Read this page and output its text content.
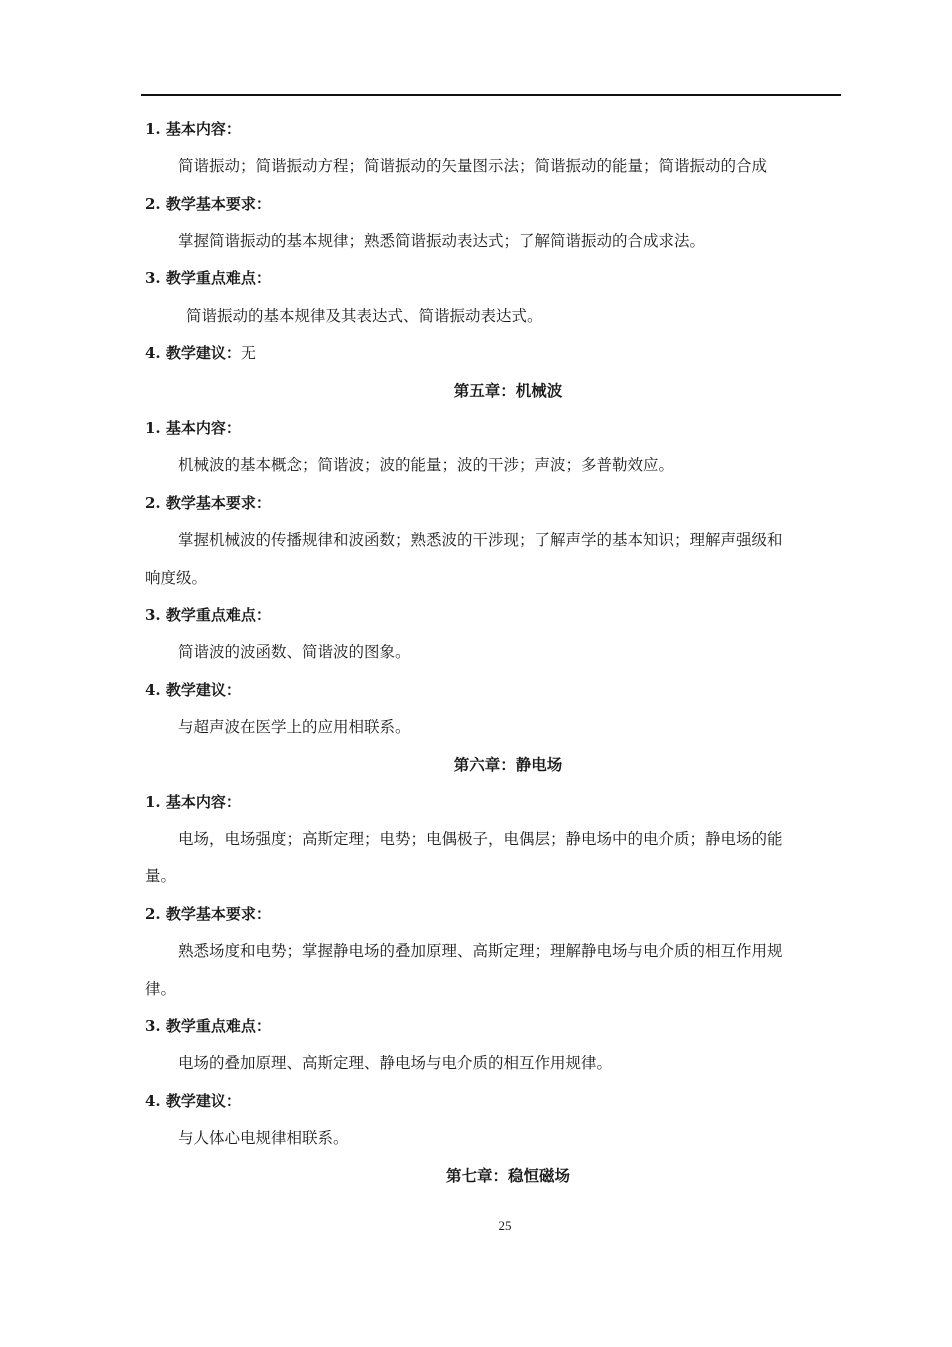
1. 基本内容：
简谐振动；简谐振动方程；简谐振动的矢量图示法；简谐振动的能量；简谐振动的合成
2. 教学基本要求：
掌握简谐振动的基本规律；熟悉简谐振动表达式；了解简谐振动的合成求法。
3. 教学重点难点：
简谐振动的基本规律及其表达式、简谐振动表达式。
4. 教学建议：无
第五章：机械波
1. 基本内容：
机械波的基本概念；简谐波；波的能量；波的干涉；声波；多普勒效应。
2. 教学基本要求：
掌握机械波的传播规律和波函数；熟悉波的干涉现；了解声学的基本知识；理解声强级和
响度级。
3. 教学重点难点：
简谐波的波函数、简谐波的图象。
4. 教学建议：
与超声波在医学上的应用相联系。
第六章：静电场
1. 基本内容：
电场，电场强度；高斯定理；电势；电偶极子，电偶层；静电场中的电介质；静电场的能
量。
2. 教学基本要求：
熟悉场度和电势；掌握静电场的叠加原理、高斯定理；理解静电场与电介质的相互作用规
律。
3. 教学重点难点：
电场的叠加原理、高斯定理、静电场与电介质的相互作用规律。
4. 教学建议：
与人体心电规律相联系。
第七章：稳恒磁场
25
